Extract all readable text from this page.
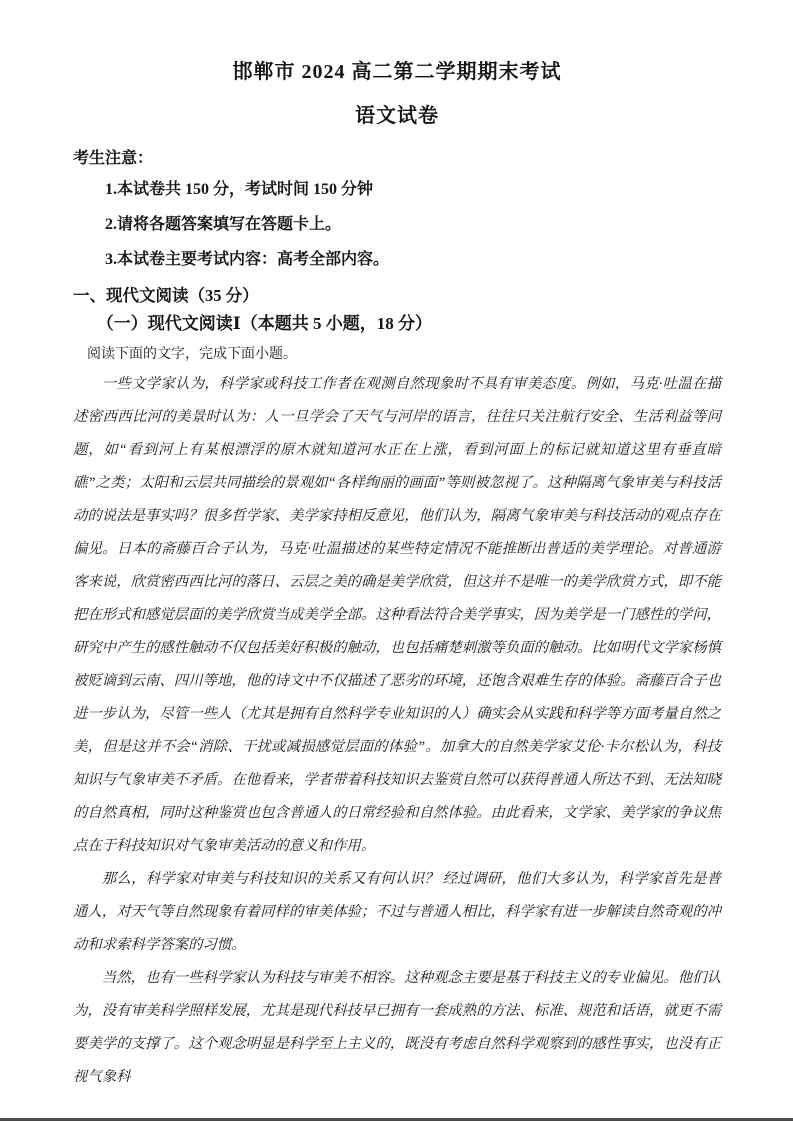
邯郸市 2024 高二第二学期期末考试
语文试卷
考生注意：
1.本试卷共 150 分，考试时间 150 分钟
2.请将各题答案填写在答题卡上。
3.本试卷主要考试内容：高考全部内容。
一、现代文阅读（35 分）
（一）现代文阅读Ⅰ（本题共 5 小题，18 分）
阅读下面的文字，完成下面小题。

一些文学家认为，科学家或科技工作者在观测自然现象时不具有审美态度。例如，马克·吐温在描述密西西比河的美景时认为：人一旦学会了天气与河岸的语言，往往只关注航行安全、生活利益等问题，如“看到河上有某根漂浮的原木就知道河水正在上涨，看到河面上的标记就知道这里有垂直暗礁”之类；太阳和云层共同描绘的景观如“各样绚丽的画面”等则被忽视了。这种隔离气象审美与科技活动的说法是事实吗？很多哲学家、美学家持相反意见，他们认为，隔离气象审美与科技活动的观点存在偏见。日本的斋藤百合子认为，马克·吐温描述的某些特定情况不能推断出普适的美学理论。对普通游客来说，欣赏密西西比河的落日、云层之美的确是美学欣赏，但这并不是唯一的美学欣赏方式，即不能把在形式和感觉层面的美学欣赏当成美学全部。这种看法符合美学事实，因为美学是一门感性的学问，研究中产生的感性触动不仅包括美好积极的触动，也包括痛楚刺激等负面的触动。比如明代文学家杨慎被贬谪到云南、四川等地，他的诗文中不仅描述了恶劣的环境，还饱含艰难生存的体验。斋藤百合子也进一步认为，尽管一些人（尤其是拥有自然科学专业知识的人）确实会从实践和科学等方面考量自然之美，但是这并不会“消除、干扰或减损感觉层面的体验”。加拿大的自然美学家艾伦·卡尔松认为，科技知识与气象审美不矛盾。在他看来，学者带着科技知识去鉴赏自然可以获得普通人所达不到、无法知晓的自然真相，同时这种鉴赏也包含普通人的日常经验和自然体验。由此看来，文学家、美学家的争议焦点在于科技知识对气象审美活动的意义和作用。

那么，科学家对审美与科技知识的关系又有何认识？ 经过调研，他们大多认为，科学家首先是普通人，对天气等自然现象有着同样的审美体验；不过与普通人相比，科学家有进一步解读自然奇观的冲动和求索科学答案的习惯。

当然，也有一些科学家认为科技与审美不相容。这种观念主要是基于科技主义的专业偏见。他们认为，没有审美科学照样发展，尤其是现代科技早已拥有一套成熟的方法、标准、规范和话语，就更不需要美学的支撑了。这个观念明显是科学至上主义的，既没有考虑自然科学观察到的感性事实，也没有正视气象科
